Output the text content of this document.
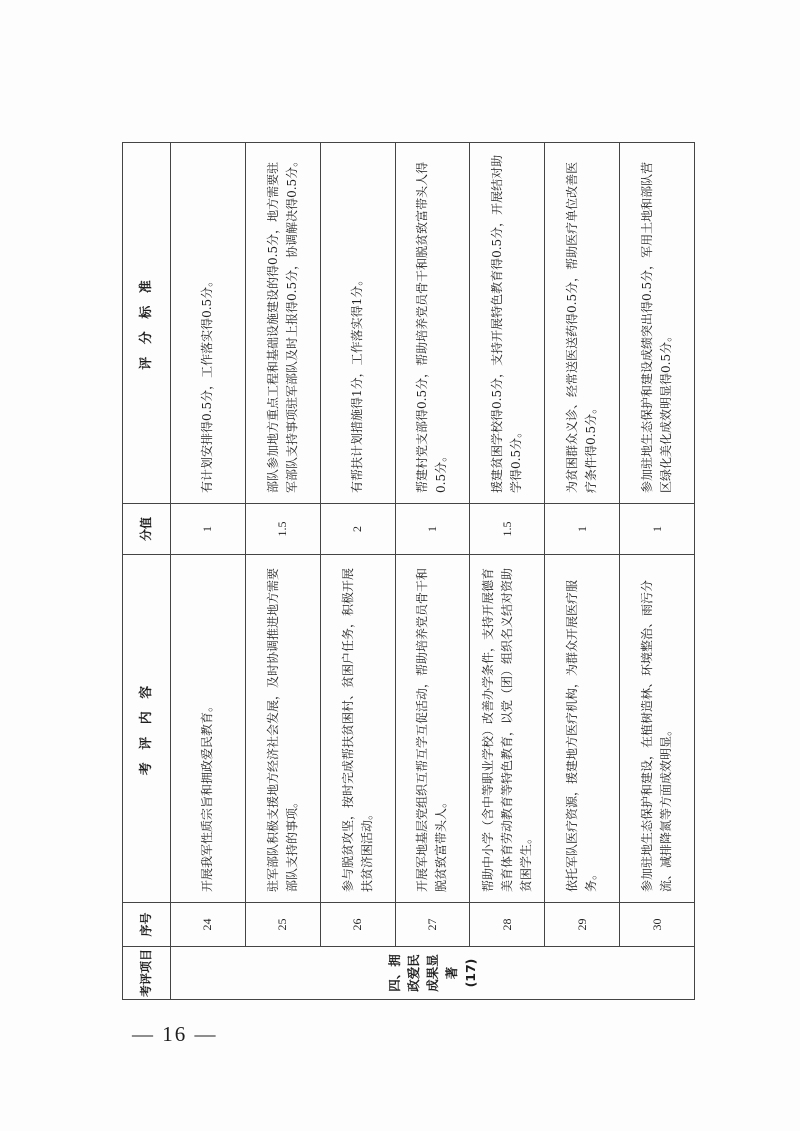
考评项目	序号	考 评 内 容	分值	评 分 标 准
四、拥政爱民成果显著(17)	24	开展我军性质宗旨和拥政爱民教育。	1	有计划安排得0.5分，工作落实得0.5分。
	25	驻军部队积极支援地方经济社会发展，及时协调推进地方需要部队支持的事项。	1.5	部队参加地方重点工程和基础设施建设的得0.5分，地方需要驻军部队支持事项驻军部队及时上报得0.5分，协调解决得0.5分。
	26	参与脱贫攻坚，按时完成帮扶贫困村、贫困户任务，积极开展扶贫济困活动。	2	有帮扶计划措施得1分，工作落实得1分。
	27	开展军地基层党组织互帮互学互促活动，帮助培养党员骨干和脱贫致富带头人。	1	帮建村党支部得0.5分，帮助培养党员骨干和脱贫致富带头人得0.5分。
	28	帮助中小学（含中等职业学校）改善办学条件，支持开展德育美育体育劳动教育等特色教育，以党（团）组织名义结对资助贫困学生。	1.5	援建贫困学校得0.5分，支持开展特色教育得0.5分，开展结对助学得0.5分。
	29	依托军队医疗资源，援建地方医疗机构，为群众开展医疗服务。	1	为贫困群众义诊、经常送医送药得0.5分，帮助医疗单位改善医疗条件得0.5分。
	30	参加驻地生态保护和建设，在植树造林、环境整治、雨污分流、减排降氮等方面成效明显。	1	参加驻地生态保护和建设成绩突出得0.5分，军用土地和部队营区绿化美化成效明显得0.5分。
— 16 —
